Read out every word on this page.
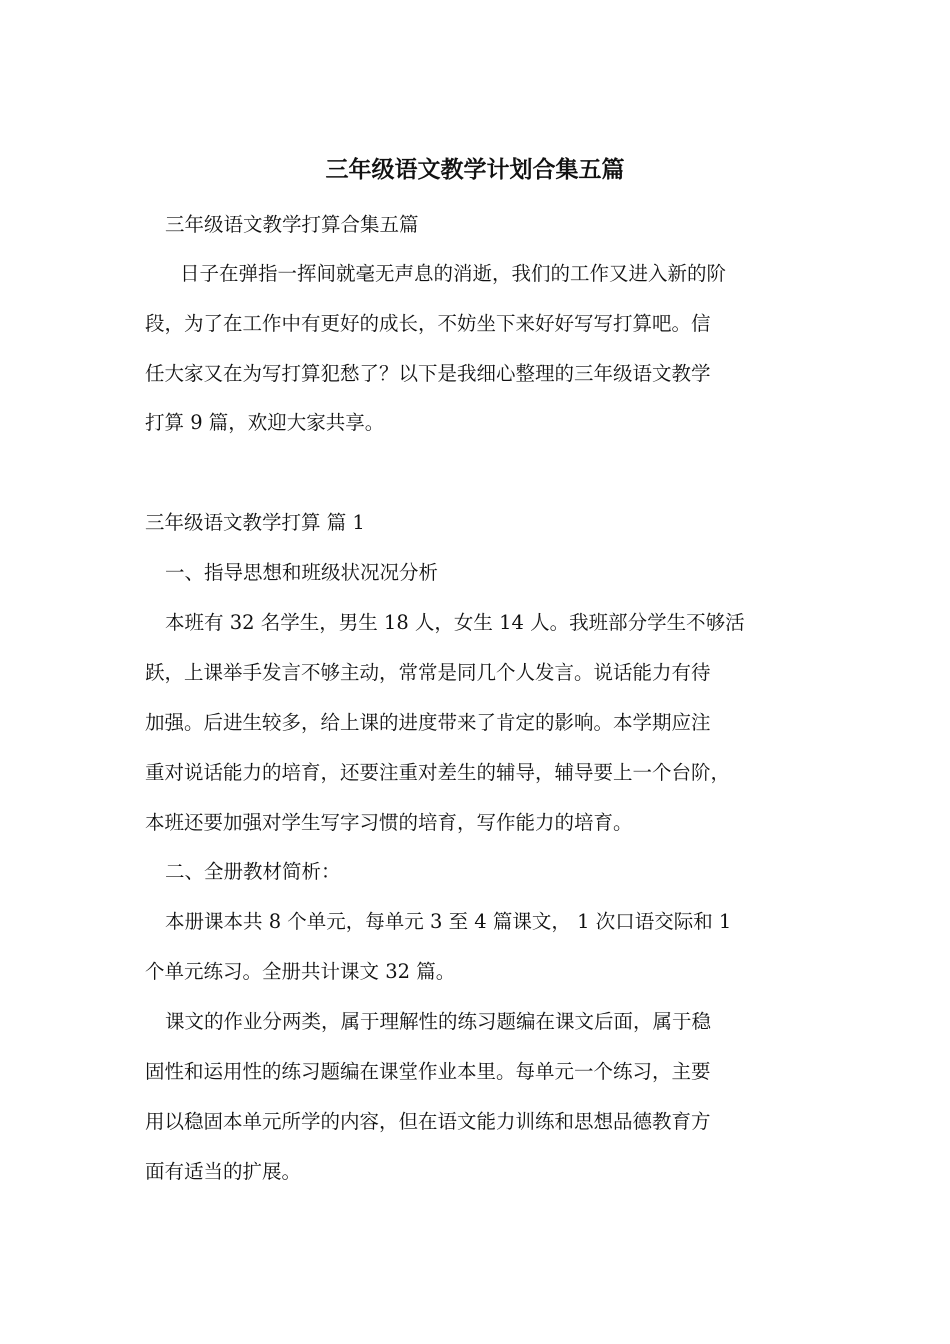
三年级语文教学计划合集五篇
三年级语文教学打算合集五篇
日子在弹指一挥间就毫无声息的消逝，我们的工作又进入新的阶
段，为了在工作中有更好的成长，不妨坐下来好好写写打算吧。信
任大家又在为写打算犯愁了？以下是我细心整理的三年级语文教学
打算 9 篇，欢迎大家共享。
三年级语文教学打算 篇 1
一、指导思想和班级状况况分析
本班有 32 名学生，男生 18 人，女生 14 人。我班部分学生不够活
跃，上课举手发言不够主动，常常是同几个人发言。说话能力有待
加强。后进生较多，给上课的进度带来了肯定的影响。本学期应注
重对说话能力的培育，还要注重对差生的辅导，辅导要上一个台阶，
本班还要加强对学生写字习惯的培育，写作能力的培育。
二、全册教材简析：
本册课本共 8 个单元，每单元 3 至 4 篇课文， 1 次口语交际和 1
个单元练习。全册共计课文 32 篇。
课文的作业分两类，属于理解性的练习题编在课文后面，属于稳
固性和运用性的练习题编在课堂作业本里。每单元一个练习，主要
用以稳固本单元所学的内容，但在语文能力训练和思想品德教育方
面有适当的扩展。
